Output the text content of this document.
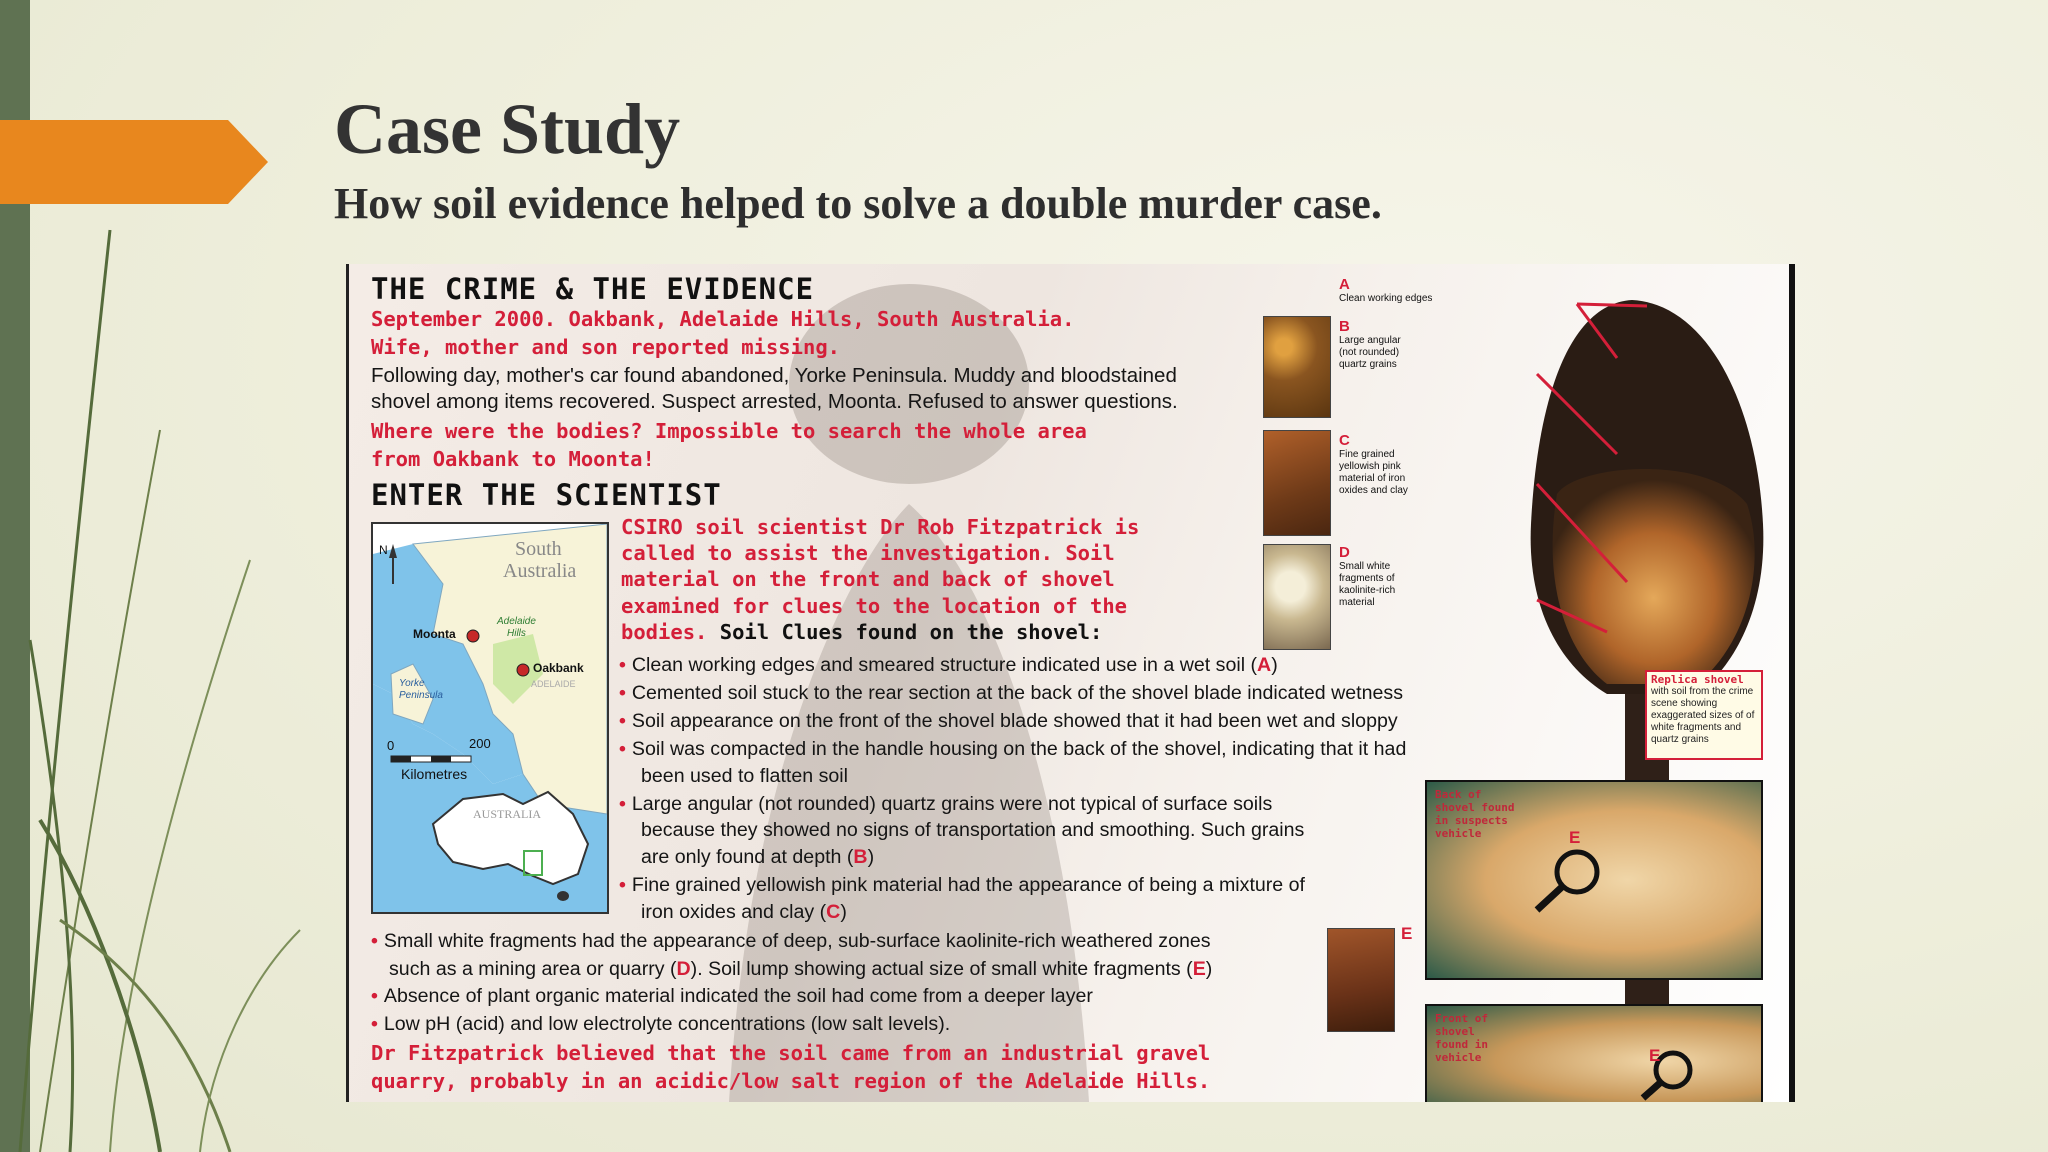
Case Study
How soil evidence helped to solve a double murder case.
THE CRIME & THE EVIDENCE
September 2000. Oakbank, Adelaide Hills, South Australia.
Wife, mother and son reported missing.
Following day, mother's car found abandoned, Yorke Peninsula. Muddy and bloodstained
shovel among items recovered. Suspect arrested, Moonta. Refused to answer questions.
Where were the bodies? Impossible to search the whole area
from Oakbank to Moonta!
ENTER THE SCIENTIST
CSIRO soil scientist Dr Rob Fitzpatrick is
called to assist the investigation. Soil
material on the front and back of shovel
examined for clues to the location of the
bodies. Soil Clues found on the shovel:
N	South
Australia
Moonta
Adelaide
Hills
Oakbank
ADELAIDE
Yorke
Peninsula
0	200
Kilometres
AUSTRALIA
• Clean working edges and smeared structure indicated use in a wet soil (A)
• Cemented soil stuck to the rear section at the back of the shovel blade indicated wetness
• Soil appearance on the front of the shovel blade showed that it had been wet and sloppy
• Soil was compacted in the handle housing on the back of the shovel, indicating that it had
been used to flatten soil
• Large angular (not rounded) quartz grains were not typical of surface soils
because they showed no signs of transportation and smoothing. Such grains
are only found at depth (B)
• Fine grained yellowish pink material had the appearance of being a mixture of
iron oxides and clay (C)
• Small white fragments had the appearance of deep, sub-surface kaolinite-rich weathered zones
such as a mining area or quarry (D). Soil lump showing actual size of small white fragments (E)
• Absence of plant organic material indicated the soil had come from a deeper layer
• Low pH (acid) and low electrolyte concentrations (low salt levels).
Dr Fitzpatrick believed that the soil came from an industrial gravel
quarry, probably in an acidic/low salt region of the Adelaide Hills.
E
A
Clean working edges
B
Large angular
(not rounded)
quartz grains
C
Fine grained
yellowish pink
material of iron
oxides and clay
D
Small white
fragments of
kaolinite-rich
material
Replica shovel
with soil from the crime scene showing exaggerated sizes of of white fragments and quartz grains
Back of
shovel found
in suspects
vehicle	E
Front of
shovel
found in
vehicle	E
